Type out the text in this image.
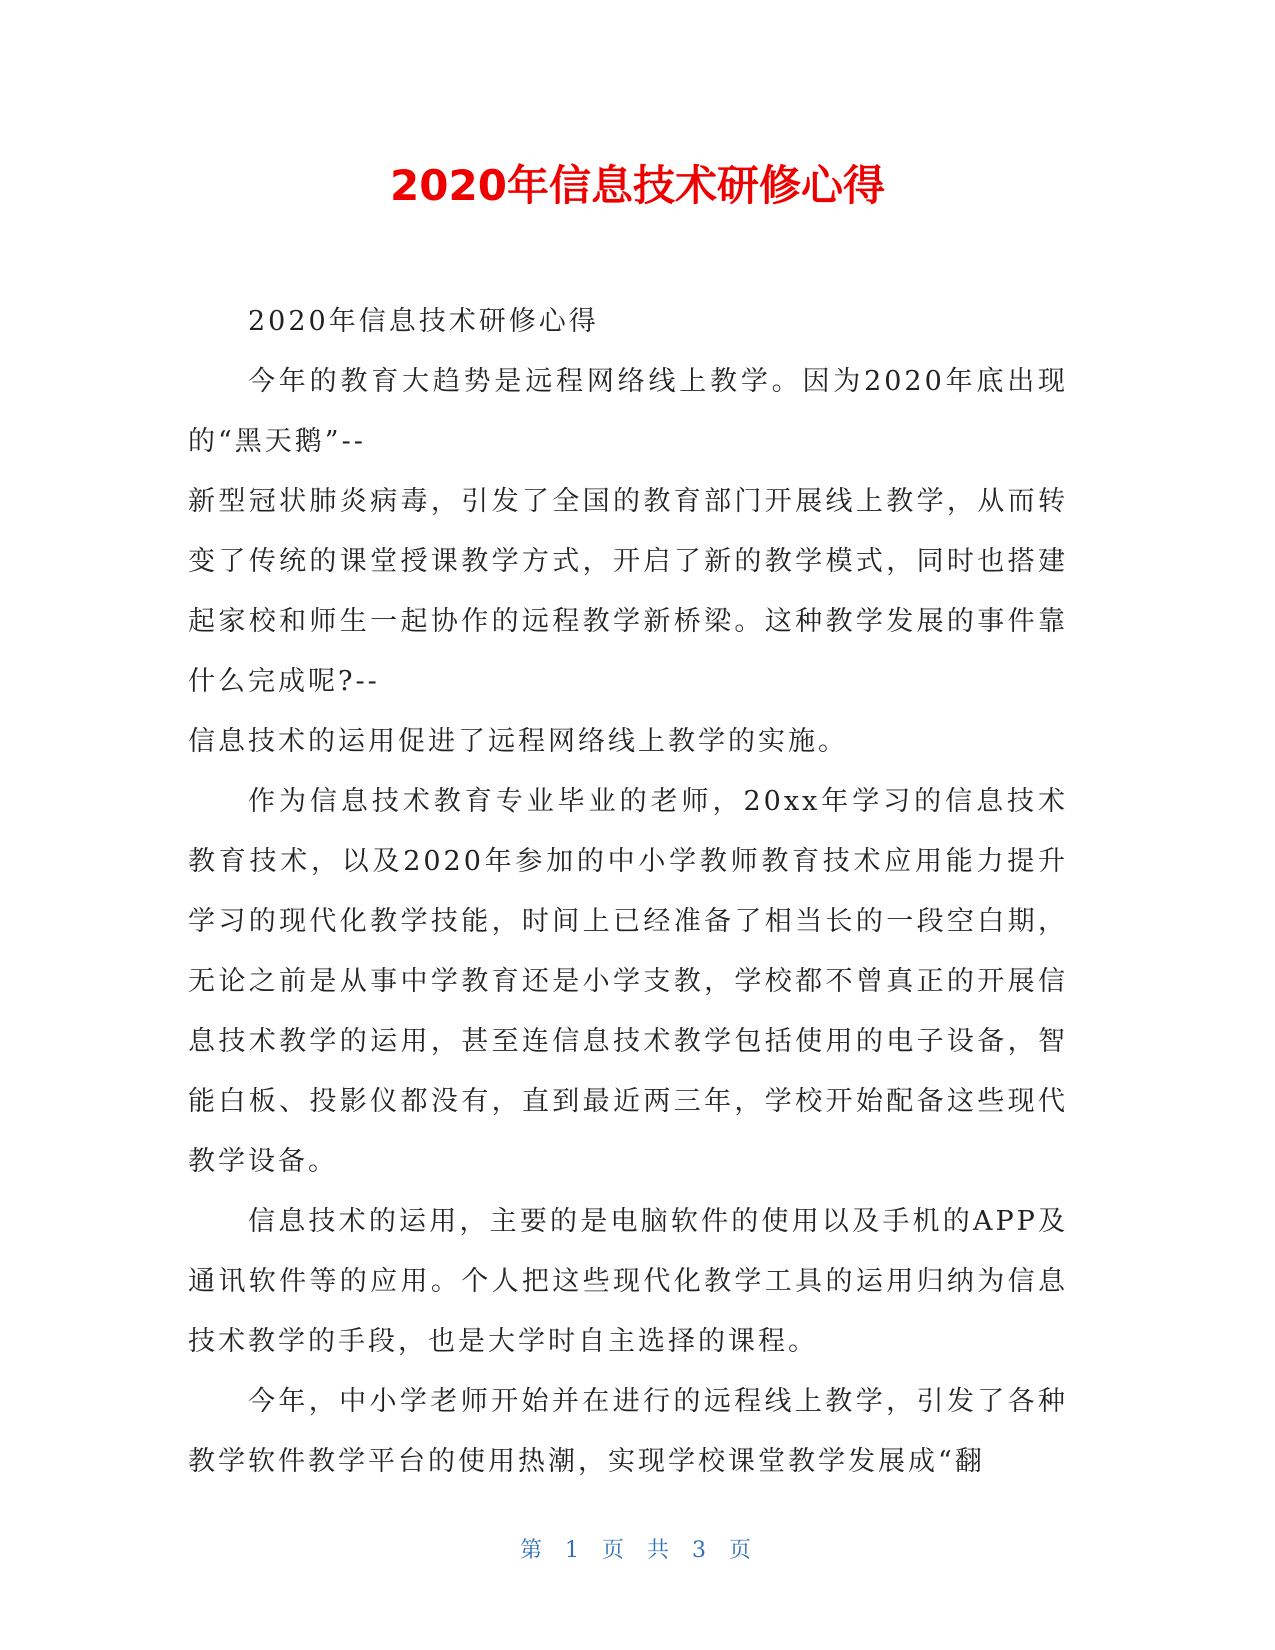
2020年信息技术研修心得

2020年信息技术研修心得

今年的教育大趋势是远程网络线上教学。因为2020年底出现的“黑天鹅”--

新型冠状肺炎病毒，引发了全国的教育部门开展线上教学，从而转变了传统的课堂授课教学方式，开启了新的教学模式，同时也搭建起家校和师生一起协作的远程教学新桥梁。这种教学发展的事件靠什么完成呢?--

信息技术的运用促进了远程网络线上教学的实施。

作为信息技术教育专业毕业的老师，20xx年学习的信息技术教育技术，以及2020年参加的中小学教师教育技术应用能力提升学习的现代化教学技能，时间上已经准备了相当长的一段空白期，无论之前是从事中学教育还是小学支教，学校都不曾真正的开展信息技术教学的运用，甚至连信息技术教学包括使用的电子设备，智能白板、投影仪都没有，直到最近两三年，学校开始配备这些现代教学设备。

信息技术的运用，主要的是电脑软件的使用以及手机的APP及通讯软件等的应用。个人把这些现代化教学工具的运用归纳为信息技术教学的手段，也是大学时自主选择的课程。

今年，中小学老师开始并在进行的远程线上教学，引发了各种教学软件教学平台的使用热潮，实现学校课堂教学发展成“翻

第 1 页 共 3 页
